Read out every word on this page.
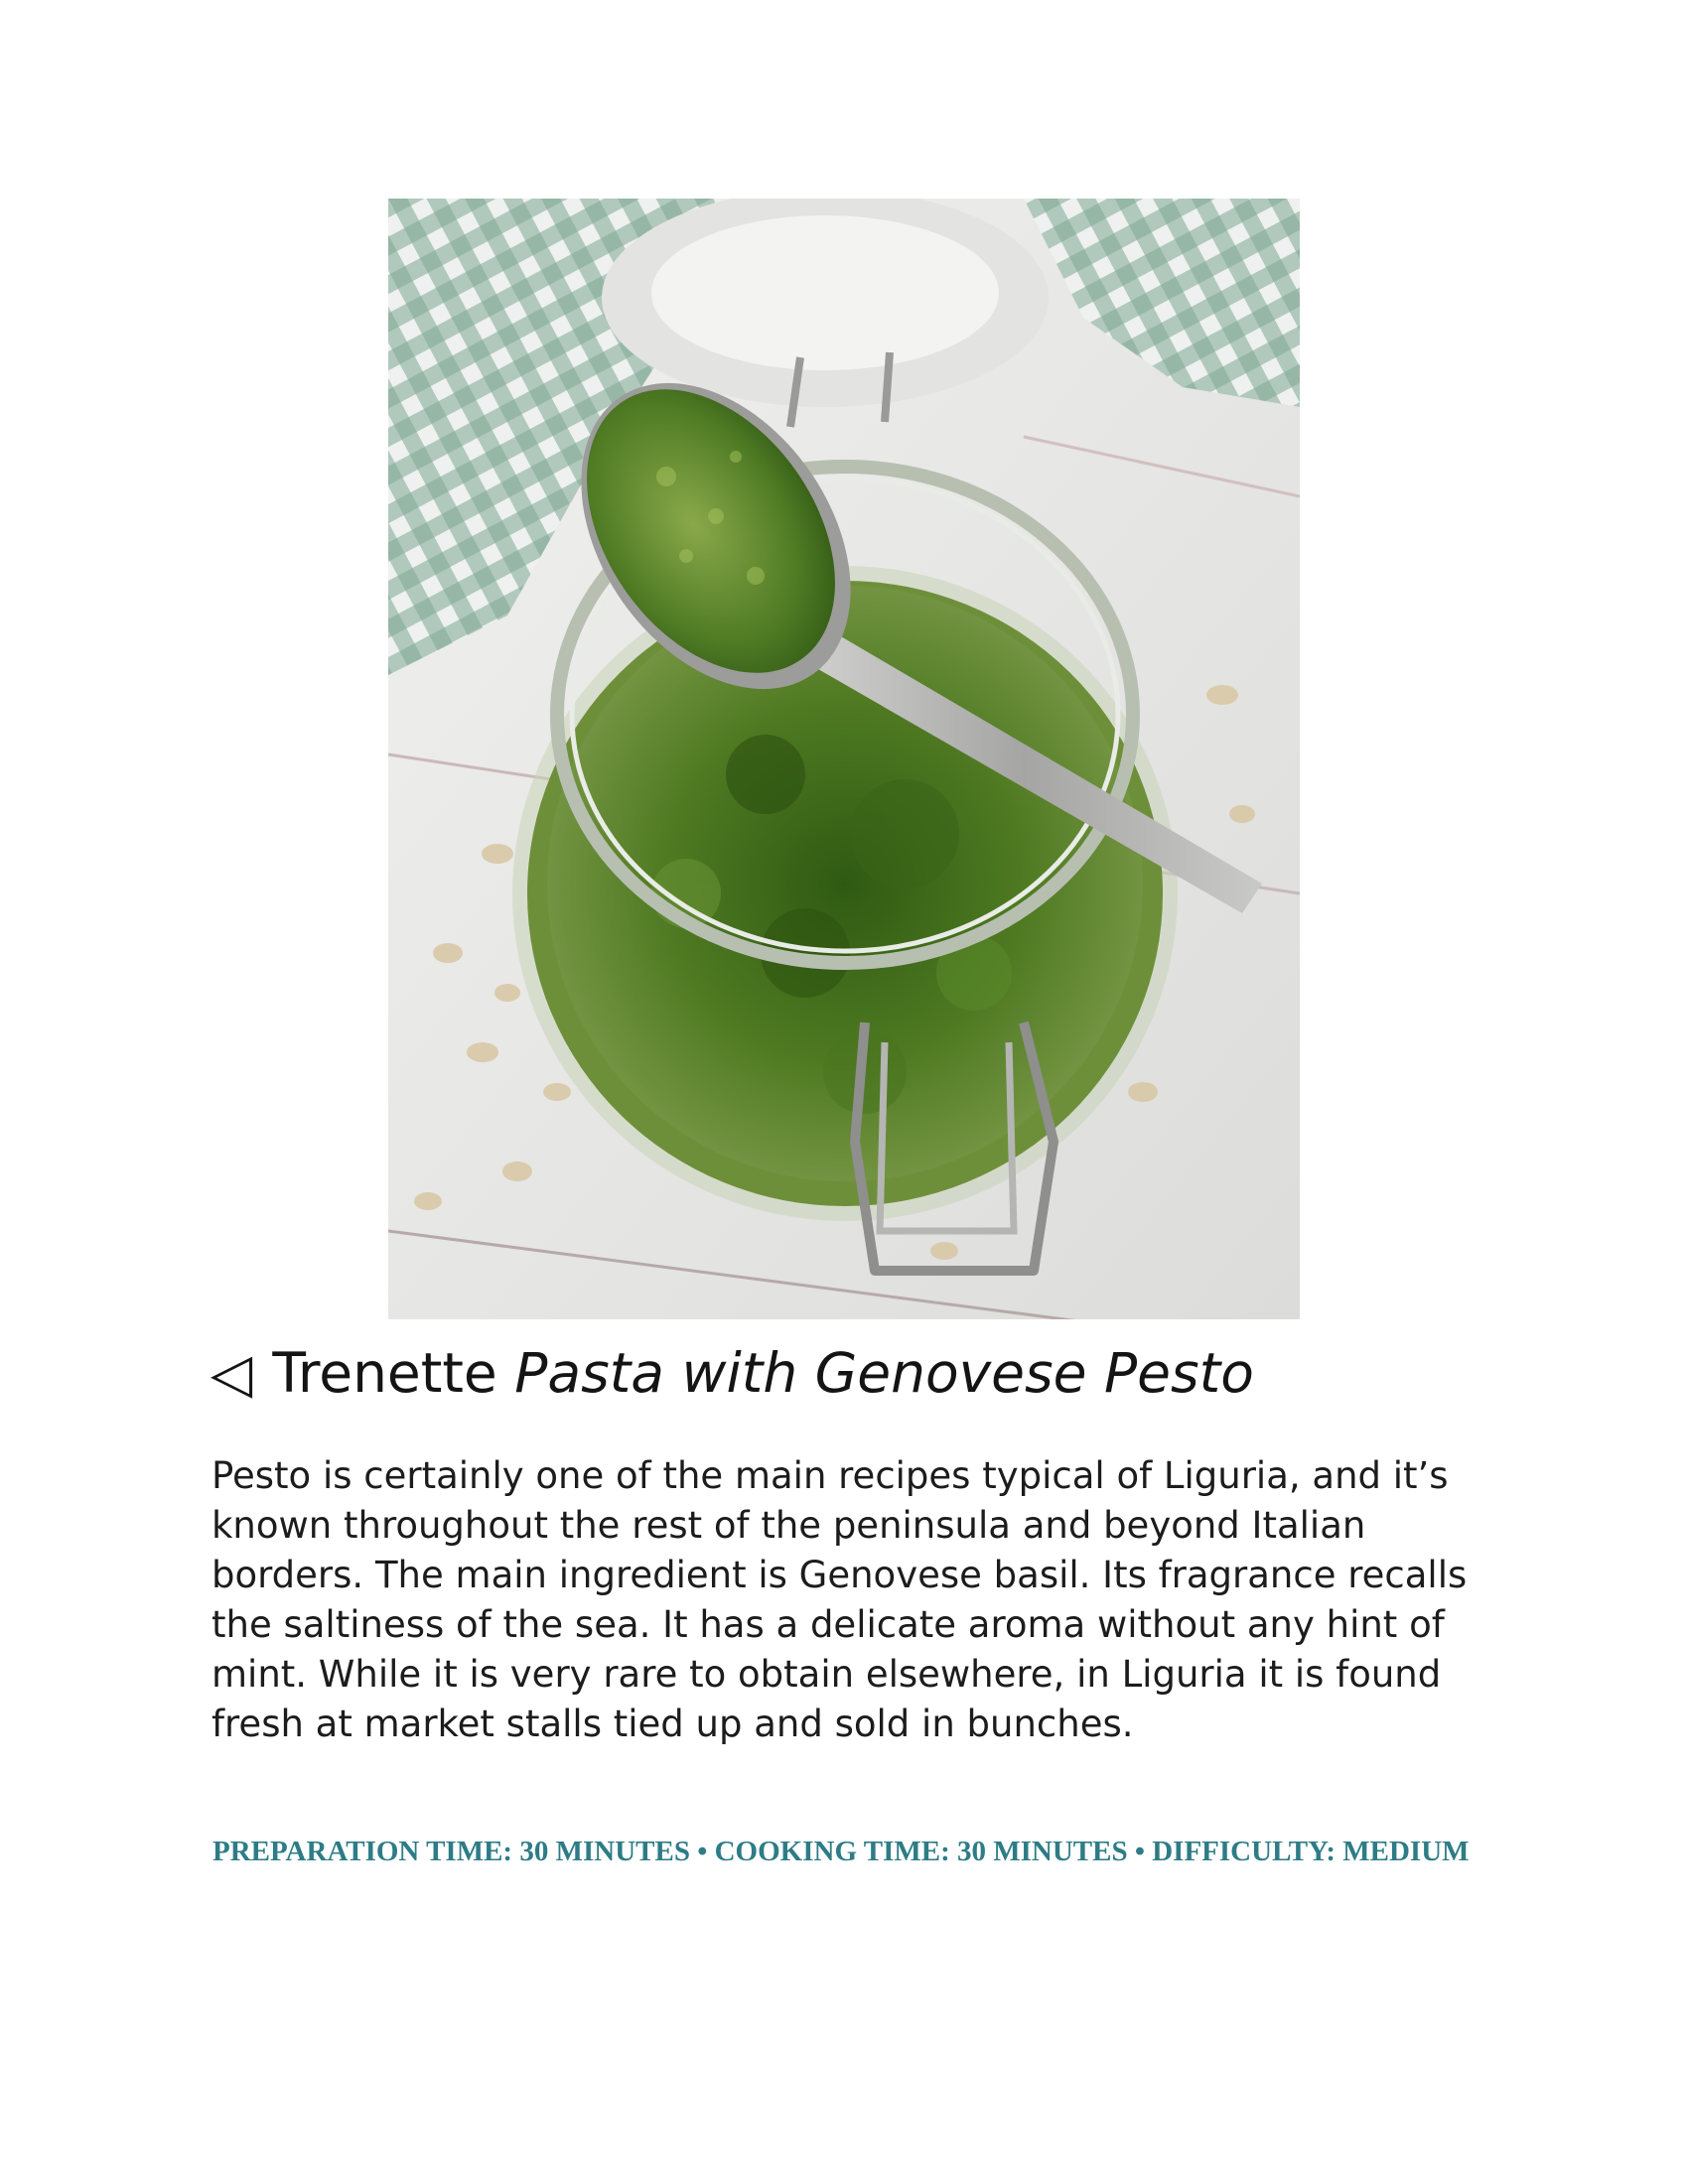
◁ Trenette Pasta with Genovese Pesto

Pesto is certainly one of the main recipes typical of Liguria, and it’s known throughout the rest of the peninsula and beyond Italian borders. The main ingredient is Genovese basil. Its fragrance recalls the saltiness of the sea. It has a delicate aroma without any hint of mint. While it is very rare to obtain elsewhere, in Liguria it is found fresh at market stalls tied up and sold in bunches.

PREPARATION TIME: 30 MINUTES • COOKING TIME: 30 MINUTES • DIFFICULTY: MEDIUM
